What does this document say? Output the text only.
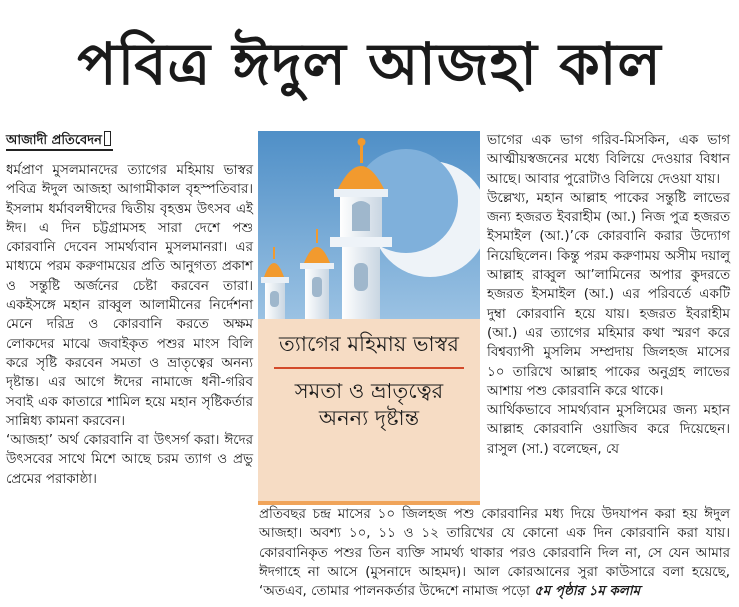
পবিত্র ঈদুল আজহা কাল
আজাদী প্রতিবেদন

ধর্মপ্রাণ মুসলমানদের ত্যাগের মহিমায় ভাস্বর পবিত্র ঈদুল আজহা আগামীকাল বৃহস্পতিবার। ইসলাম ধর্মাবলম্বীদের দ্বিতীয় বৃহত্তম উৎসব এই ঈদ। এ দিন চট্টগ্রামসহ সারা দেশে পশু কোরবানি দেবেন সামর্থ্যবান মুসলমানরা। এর মাধ্যমে পরম করুণাময়ের প্রতি আনুগত্য প্রকাশ ও সন্তুষ্টি অর্জনের চেষ্টা করবেন তারা। একইসঙ্গে মহান রাব্বুল আলামীনের নির্দেশনা মেনে দরিদ্র ও কোরবানি করতে অক্ষম লোকদের মাঝে জবাইকৃত পশুর মাংস বিলি করে সৃষ্টি করবেন সমতা ও ভ্রাতৃত্বের অনন্য দৃষ্টান্ত। এর আগে ঈদের নামাজে ধনী-গরিব সবাই এক কাতারে শামিল হয়ে মহান সৃষ্টিকর্তার সান্নিধ্য কামনা করবেন।

‘আজহা’ অর্থ কোরবানি বা উৎসর্গ করা। ঈদের উৎসবের সাথে মিশে আছে চরম ত্যাগ ও প্রভু প্রেমের পরাকাষ্ঠা।

ত্যাগের মহিমায় ভাস্বর
সমতা ও ভ্রাতৃত্বের অনন্য দৃষ্টান্ত

ভাগের এক ভাগ গরিব-মিসকিন, এক ভাগ আত্মীয়স্বজনের মধ্যে বিলিয়ে দেওয়ার বিধান আছে। আবার পুরোটাও বিলিয়ে দেওয়া যায়।

উল্লেখ্য, মহান আল্লাহ পাকের সন্তুষ্টি লাভের জন্য হজরত ইবরাহীম (আ.) নিজ পুত্র হজরত ইসমাইল (আ.)’কে কোরবানি করার উদ্যোগ নিয়েছিলেন। কিন্তু পরম করুণাময় অসীম দয়ালু আল্লাহ রাব্বুল আ’লামিনের অপার কুদরতে হজরত ইসমাইল (আ.) এর পরিবর্তে একটি দুম্বা কোরবানি হয়ে যায়। হজরত ইবরাহীম (আ.) এর ত্যাগের মহিমার কথা স্মরণ করে বিশ্বব্যাপী মুসলিম সম্প্রদায় জিলহজ মাসের ১০ তারিখে আল্লাহ পাকের অনুগ্রহ লাভের আশায় পশু কোরবানি করে থাকে।

আর্থিকভাবে সামর্থ্যবান মুসলিমের জন্য মহান আল্লাহ কোরবানি ওয়াজিব করে দিয়েছেন। রাসুল (সা.) বলেছেন, যে

প্রতিবছর চন্দ্র মাসের ১০ জিলহজ পশু কোরবানির মধ্য দিয়ে উদযাপন করা হয় ঈদুল আজহা। অবশ্য ১০, ১১ ও ১২ তারিখের যে কোনো এক দিন কোরবানি করা যায়। কোরবানিকৃত পশুর তিন ব্যক্তি সামর্থ্য থাকার পরও কোরবানি দিল না, সে যেন আমার ঈদগাহে না আসে (মুসনাদে আহমদ)। আল কোরআনের সুরা কাউসারে বলা হয়েছে, ‘অতএব, তোমার পালনকর্তার উদ্দেশে নামাজ পড়ো ৫ম পৃষ্ঠার ১ম কলাম
